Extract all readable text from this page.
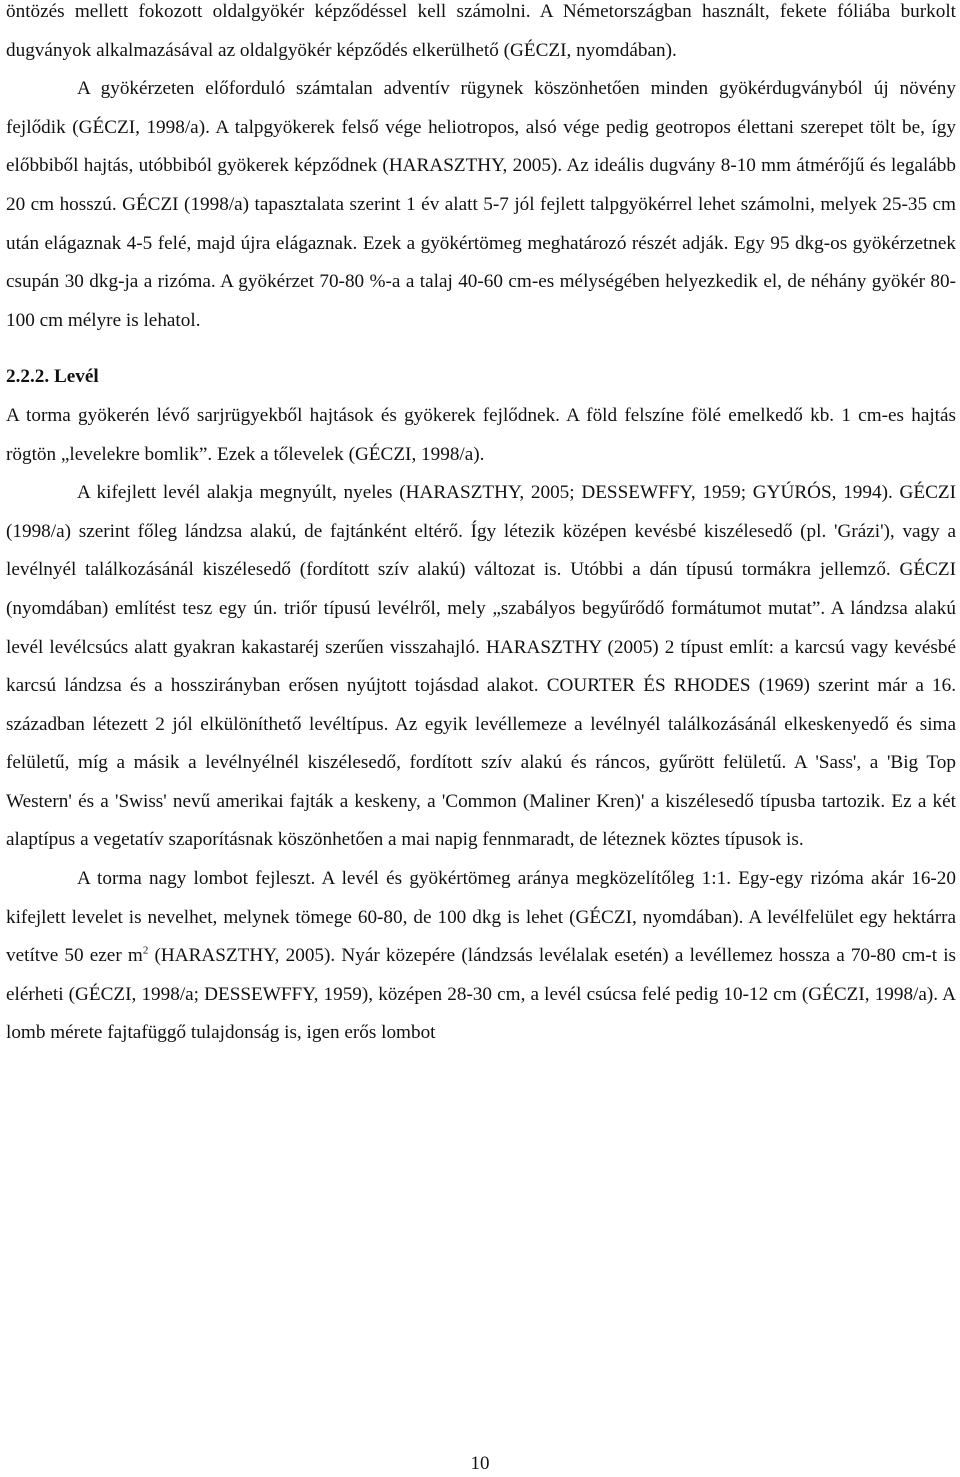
öntözés mellett fokozott oldalgyökér képződéssel kell számolni. A Németországban használt, fekete fóliába burkolt dugványok alkalmazásával az oldalgyökér képződés elkerülhető (GÉCZI, nyomdában).

A gyökérzeten előforduló számtalan adventív rügynek köszönhetően minden gyökérdugványból új növény fejlődik (GÉCZI, 1998/a). A talpgyökerek felső vége heliotropos, alsó vége pedig geotropos élettani szerepet tölt be, így előbbiből hajtás, utóbbiból gyökerek képződnek (HARASZTHY, 2005). Az ideális dugvány 8-10 mm átmérőjű és legalább 20 cm hosszú. GÉCZI (1998/a) tapasztalata szerint 1 év alatt 5-7 jól fejlett talpgyökérrel lehet számolni, melyek 25-35 cm után elágaznak 4-5 felé, majd újra elágaznak. Ezek a gyökértömeg meghatározó részét adják. Egy 95 dkg-os gyökérzetnek csupán 30 dkg-ja a rizóma. A gyökérzet 70-80 %-a a talaj 40-60 cm-es mélységében helyezkedik el, de néhány gyökér 80-100 cm mélyre is lehatol.

2.2.2. Levél

A torma gyökerén lévő sarjrügyekből hajtások és gyökerek fejlődnek. A föld felszíne fölé emelkedő kb. 1 cm-es hajtás rögtön „levelekre bomlik”. Ezek a tőlevelek (GÉCZI, 1998/a).

A kifejlett levél alakja megnyúlt, nyeles (HARASZTHY, 2005; DESSEWFFY, 1959; GYÚRÓS, 1994). GÉCZI (1998/a) szerint főleg lándzsa alakú, de fajtánként eltérő. Így létezik középen kevésbé kiszélesedő (pl. 'Grázi'), vagy a levélnyél találkozásánál kiszélesedő (fordított szív alakú) változat is. Utóbbi a dán típusú tormákra jellemző. GÉCZI (nyomdában) említést tesz egy ún. triőr típusú levélről, mely „szabályos begyűrődő formátumot mutat”. A lándzsa alakú levél levélcsúcs alatt gyakran kakastaréj szerűen visszahajló. HARASZTHY (2005) 2 típust említ: a karcsú vagy kevésbé karcsú lándzsa és a hosszirányban erősen nyújtott tojásdad alakot. COURTER ÉS RHODES (1969) szerint már a 16. században létezett 2 jól elkülöníthető levéltípus. Az egyik levéllemeze a levélnyél találkozásánál elkeskenyedő és sima felületű, míg a másik a levélnyélnél kiszélesedő, fordított szív alakú és ráncos, gyűrött felületű. A 'Sass', a 'Big Top Western' és a 'Swiss' nevű amerikai fajták a keskeny, a 'Common (Maliner Kren)' a kiszélesedő típusba tartozik. Ez a két alaptípus a vegetatív szaporításnak köszönhetően a mai napig fennmaradt, de léteznek köztes típusok is.

A torma nagy lombot fejleszt. A levél és gyökértömeg aránya megközelítőleg 1:1. Egy-egy rizóma akár 16-20 kifejlett levelet is nevelhet, melynek tömege 60-80, de 100 dkg is lehet (GÉCZI, nyomdában). A levélfelület egy hektárra vetítve 50 ezer $m^2$ (HARASZTHY, 2005). Nyár közepére (lándzsás levélalak esetén) a levéllemez hossza a 70-80 cm-t is elérheti (GÉCZI, 1998/a; DESSEWFFY, 1959), középen 28-30 cm, a levél csúcsa felé pedig 10-12 cm (GÉCZI, 1998/a). A lomb mérete fajtafüggő tulajdonság is, igen erős lombot

10
